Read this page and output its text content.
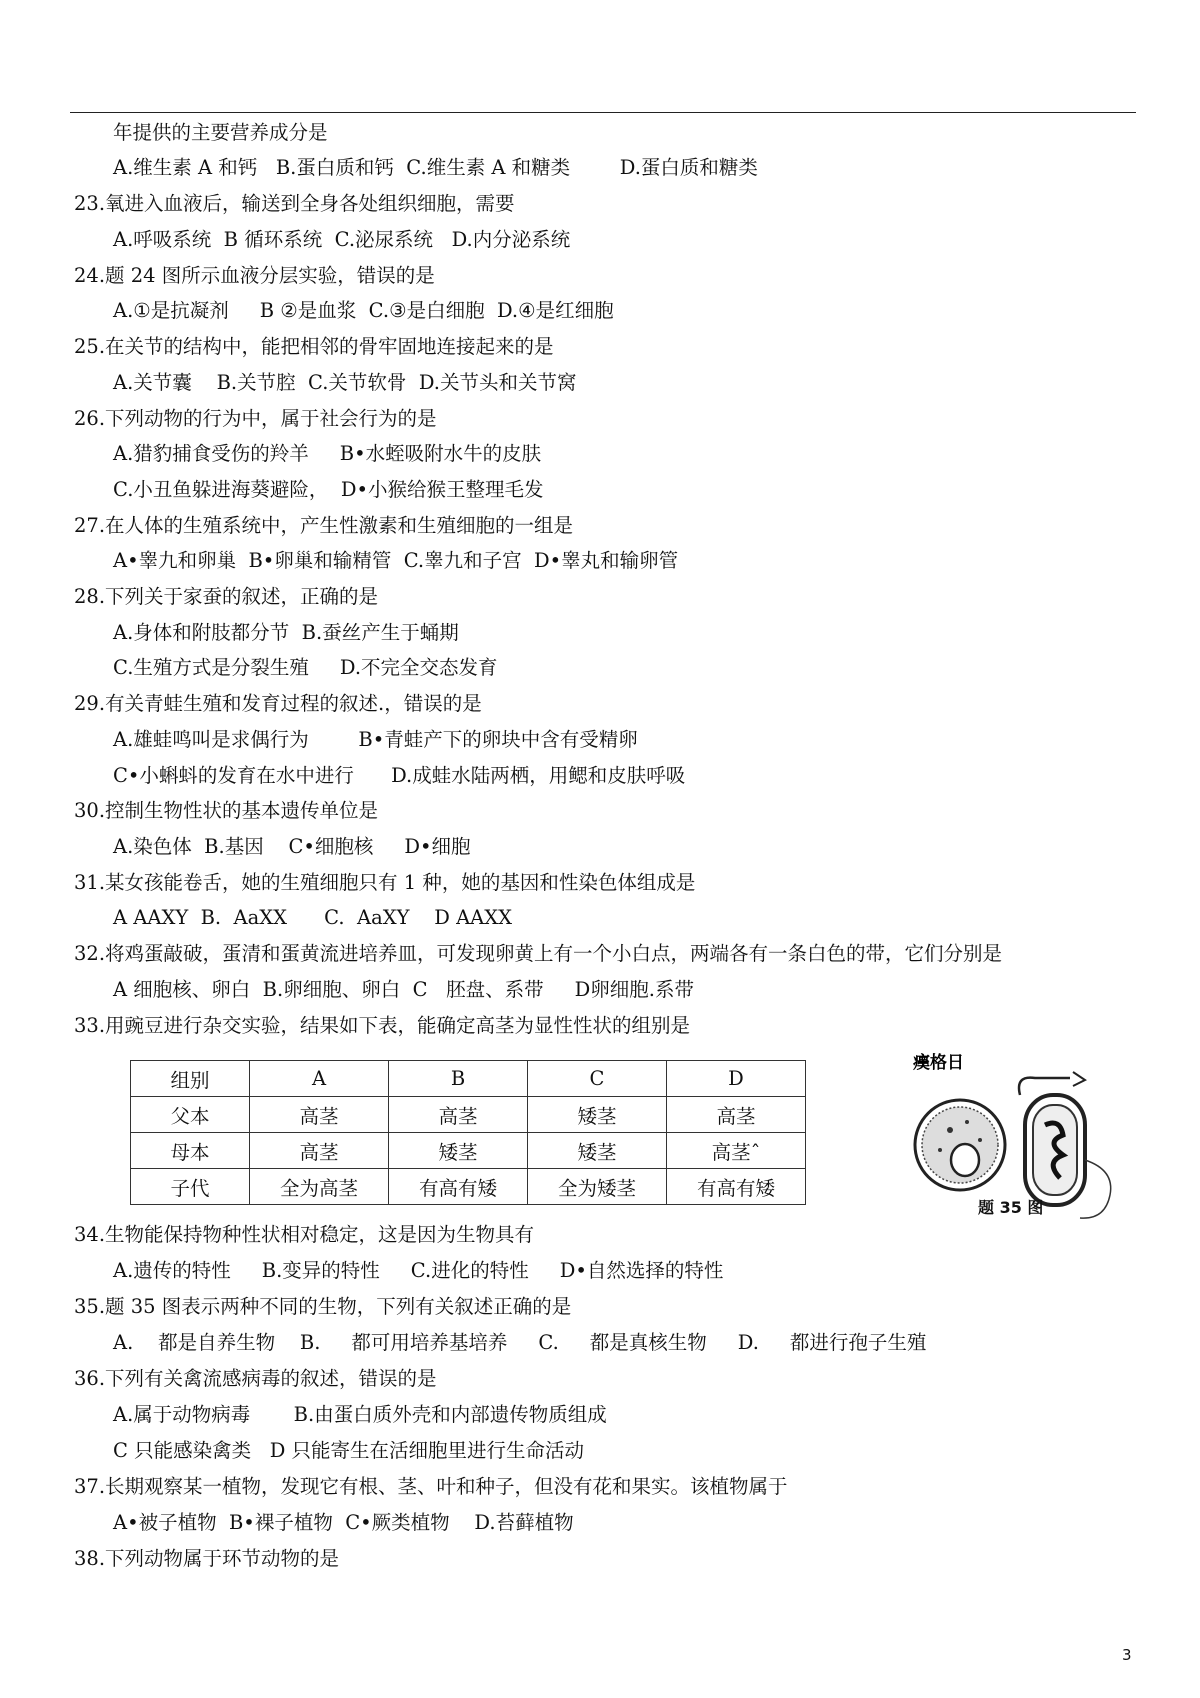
年提供的主要营养成分是

A.维生素 A 和钙   B.蛋白质和钙  C.维生素 A 和糖类        D.蛋白质和糖类

23.氧进入血液后，输送到全身各处组织细胞，需要

A.呼吸系统  B 循环系统  C.泌尿系统   D.内分泌系统

24.题 24 图所示血液分层实验，错误的是

A.①是抗凝剂     B ②是血浆  C.③是白细胞  D.④是红细胞

25.在关节的结构中，能把相邻的骨牢固地连接起来的是

A.关节囊    B.关节腔  C.关节软骨  D.关节头和关节窝

26.下列动物的行为中，属于社会行为的是

A.猎豹捕食受伤的羚羊     B•水蛭吸附水牛的皮肤

C.小丑鱼躲进海葵避险，  D•小猴给猴王整理毛发

27.在人体的生殖系统中，产生性激素和生殖细胞的一组是

A•睾九和卵巢  B•卵巢和输精管  C.睾九和子宫  D•睾丸和输卵管

28.下列关于家蚕的叙述，正确的是

A.身体和附肢都分节  B.蚕丝产生于蛹期

C.生殖方式是分裂生殖     D.不完全交态发育

29.有关青蛙生殖和发育过程的叙述.，错误的是

A.雄蛙鸣叫是求偶行为        B•青蛙产下的卵块中含有受精卵

C•小蝌蚪的发育在水中进行      D.成蛙水陆两栖，用鳃和皮肤呼吸

30.控制生物性状的基本遗传单位是

A.染色体  B.基因    C•细胞核     D•细胞

31.某女孩能卷舌，她的生殖细胞只有 1 种，她的基因和性染色体组成是

A AAXY  B.  AaXX      C.  AaXY    D AAXX

32.将鸡蛋敲破，蛋清和蛋黄流进培养皿，可发现卵黄上有一个小白点，两端各有一条白色的带，它们分别是

A 细胞核、卵白  B.卵细胞、卵白  C   胚盘、系带     D卵细胞.系带

33.用豌豆进行杂交实验，结果如下表，能确定高茎为显性性状的组别是

组别	A	B	C	D
父本	高茎	高茎	矮茎	高茎
母本	高茎	矮茎	矮茎	高茎ˆ
子代	全为高茎	有高有矮	全为矮茎	有高有矮
㿙格日
题 35 图

34.生物能保持物种性状相对稳定，这是因为生物具有

A.遗传的特性     B.变异的特性     C.进化的特性     D•自然选择的特性

35.题 35 图表示两种不同的生物，下列有关叙述正确的是

A.    都是自养生物    B.     都可用培养基培养     C.     都是真核生物     D.     都进行孢子生殖

36.下列有关禽流感病毒的叙述，错误的是

A.属于动物病毒       B.由蛋白质外壳和内部遗传物质组成

C 只能感染禽类   D 只能寄生在活细胞里进行生命活动

37.长期观察某一植物，发现它有根、茎、叶和种子，但没有花和果实。该植物属于

A•被子植物  B•裸子植物  C•厥类植物    D.苔藓植物

38.下列动物属于环节动物的是

3
